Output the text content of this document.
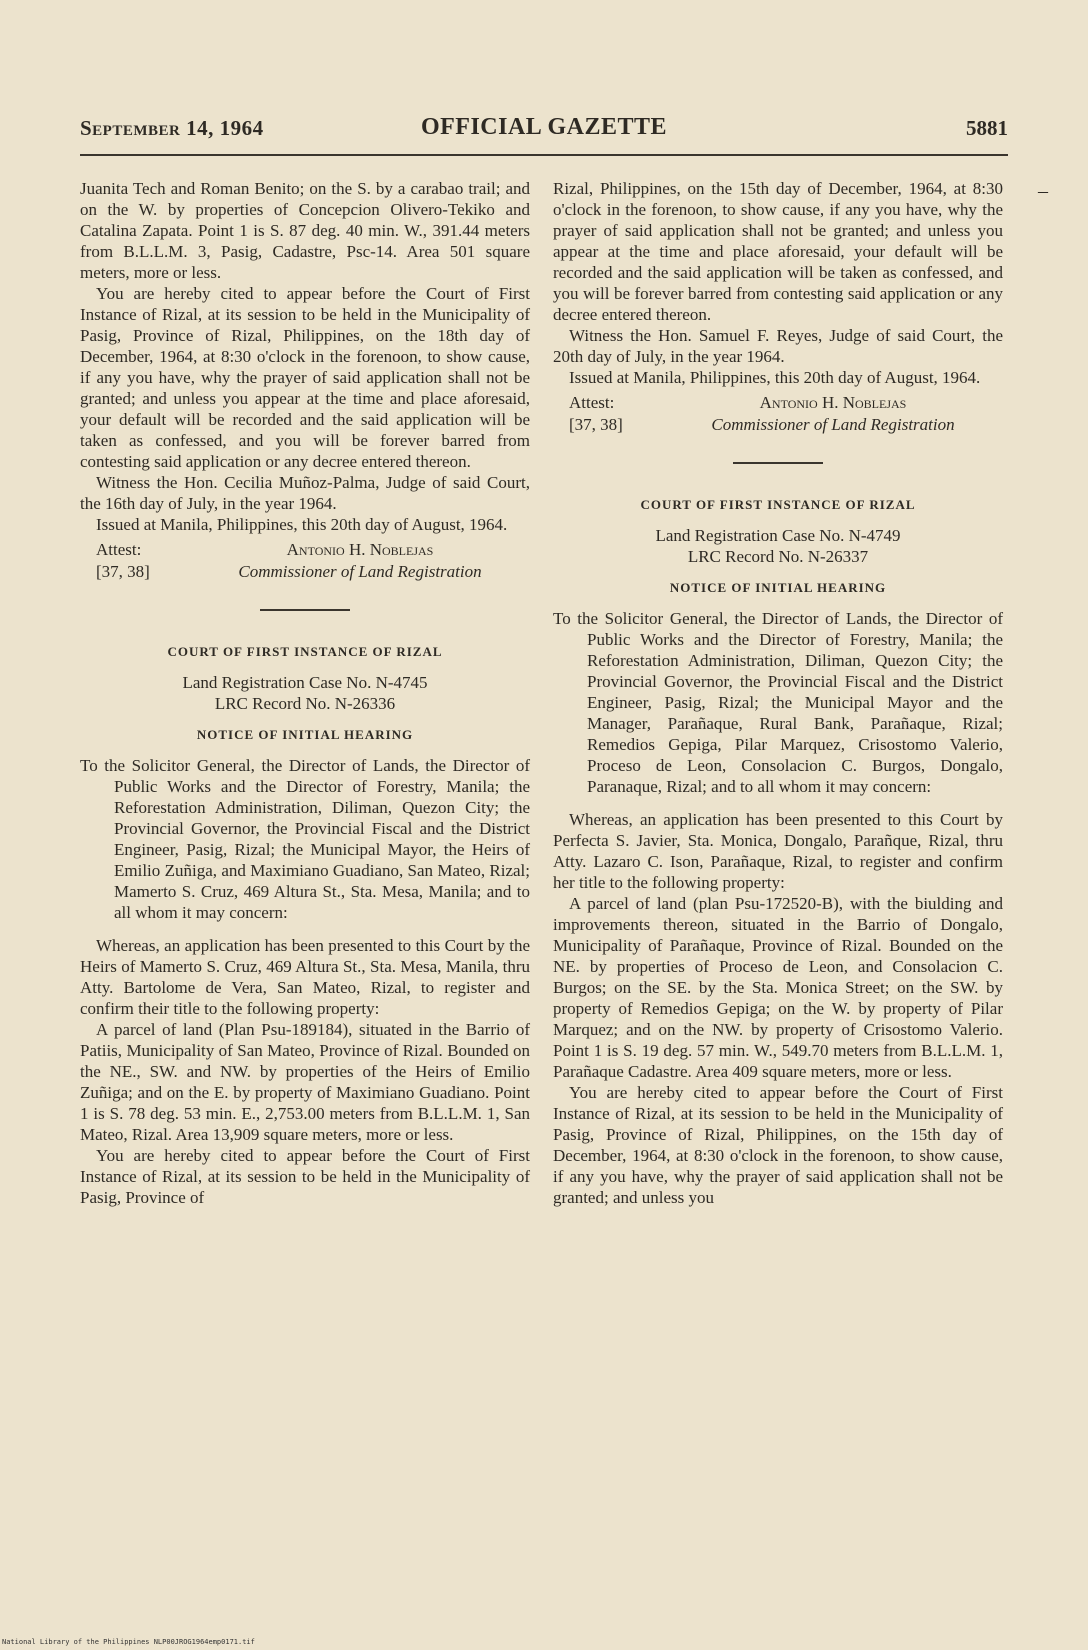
September 14, 1964	OFFICIAL GAZETTE	5881

Juanita Tech and Roman Benito; on the S. by a carabao trail; and on the W. by properties of Concepcion Olivero-Tekiko and Catalina Zapata. Point 1 is S. 87 deg. 40 min. W., 391.44 meters from B.L.L.M. 3, Pasig, Cadastre, Psc-14. Area 501 square meters, more or less.

You are hereby cited to appear before the Court of First Instance of Rizal, at its session to be held in the Municipality of Pasig, Province of Rizal, Philippines, on the 18th day of December, 1964, at 8:30 o'clock in the forenoon, to show cause, if any you have, why the prayer of said application shall not be granted; and unless you appear at the time and place aforesaid, your default will be recorded and the said application will be taken as confessed, and you will be forever barred from contesting said application or any decree entered thereon.

Witness the Hon. Cecilia Muñoz-Palma, Judge of said Court, the 16th day of July, in the year 1964.

Issued at Manila, Philippines, this 20th day of August, 1964.

Attest:
[37, 38]
Antonio H. Noblejas
Commissioner of Land Registration

COURT OF FIRST INSTANCE OF RIZAL

Land Registration Case No. N-4745

LRC Record No. N-26336

NOTICE OF INITIAL HEARING

To the Solicitor General, the Director of Lands, the Director of Public Works and the Director of Forestry, Manila; the Reforestation Administration, Diliman, Quezon City; the Provincial Governor, the Provincial Fiscal and the District Engineer, Pasig, Rizal; the Municipal Mayor, the Heirs of Emilio Zuñiga, and Maximiano Guadiano, San Mateo, Rizal; Mamerto S. Cruz, 469 Altura St., Sta. Mesa, Manila; and to all whom it may concern:

Whereas, an application has been presented to this Court by the Heirs of Mamerto S. Cruz, 469 Altura St., Sta. Mesa, Manila, thru Atty. Bartolome de Vera, San Mateo, Rizal, to register and confirm their title to the following property:

A parcel of land (Plan Psu-189184), situated in the Barrio of Patiis, Municipality of San Mateo, Province of Rizal. Bounded on the NE., SW. and NW. by properties of the Heirs of Emilio Zuñiga; and on the E. by property of Maximiano Guadiano. Point 1 is S. 78 deg. 53 min. E., 2,753.00 meters from B.L.L.M. 1, San Mateo, Rizal. Area 13,909 square meters, more or less.

You are hereby cited to appear before the Court of First Instance of Rizal, at its session to be held in the Municipality of Pasig, Province of

Rizal, Philippines, on the 15th day of December, 1964, at 8:30 o'clock in the forenoon, to show cause, if any you have, why the prayer of said application shall not be granted; and unless you appear at the time and place aforesaid, your default will be recorded and the said application will be taken as confessed, and you will be forever barred from contesting said application or any decree entered thereon.

Witness the Hon. Samuel F. Reyes, Judge of said Court, the 20th day of July, in the year 1964.

Issued at Manila, Philippines, this 20th day of August, 1964.

Attest:
[37, 38]
Antonio H. Noblejas
Commissioner of Land Registration

COURT OF FIRST INSTANCE OF RIZAL

Land Registration Case No. N-4749

LRC Record No. N-26337

NOTICE OF INITIAL HEARING

To the Solicitor General, the Director of Lands, the Director of Public Works and the Director of Forestry, Manila; the Reforestation Administration, Diliman, Quezon City; the Provincial Governor, the Provincial Fiscal and the District Engineer, Pasig, Rizal; the Municipal Mayor and the Manager, Parañaque, Rural Bank, Parañaque, Rizal; Remedios Gepiga, Pilar Marquez, Crisostomo Valerio, Proceso de Leon, Consolacion C. Burgos, Dongalo, Paranaque, Rizal; and to all whom it may concern:

Whereas, an application has been presented to this Court by Perfecta S. Javier, Sta. Monica, Dongalo, Parañque, Rizal, thru Atty. Lazaro C. Ison, Parañaque, Rizal, to register and confirm her title to the following property:

A parcel of land (plan Psu-172520-B), with the biulding and improvements thereon, situated in the Barrio of Dongalo, Municipality of Parañaque, Province of Rizal. Bounded on the NE. by properties of Proceso de Leon, and Consolacion C. Burgos; on the SE. by the Sta. Monica Street; on the SW. by property of Remedios Gepiga; on the W. by property of Pilar Marquez; and on the NW. by property of Crisostomo Valerio. Point 1 is S. 19 deg. 57 min. W., 549.70 meters from B.L.L.M. 1, Parañaque Cadastre. Area 409 square meters, more or less.

You are hereby cited to appear before the Court of First Instance of Rizal, at its session to be held in the Municipality of Pasig, Province of Rizal, Philippines, on the 15th day of December, 1964, at 8:30 o'clock in the forenoon, to show cause, if any you have, why the prayer of said application shall not be granted; and unless you

–
National Library of the Philippines NLP00JROG1964emp0171.tif
